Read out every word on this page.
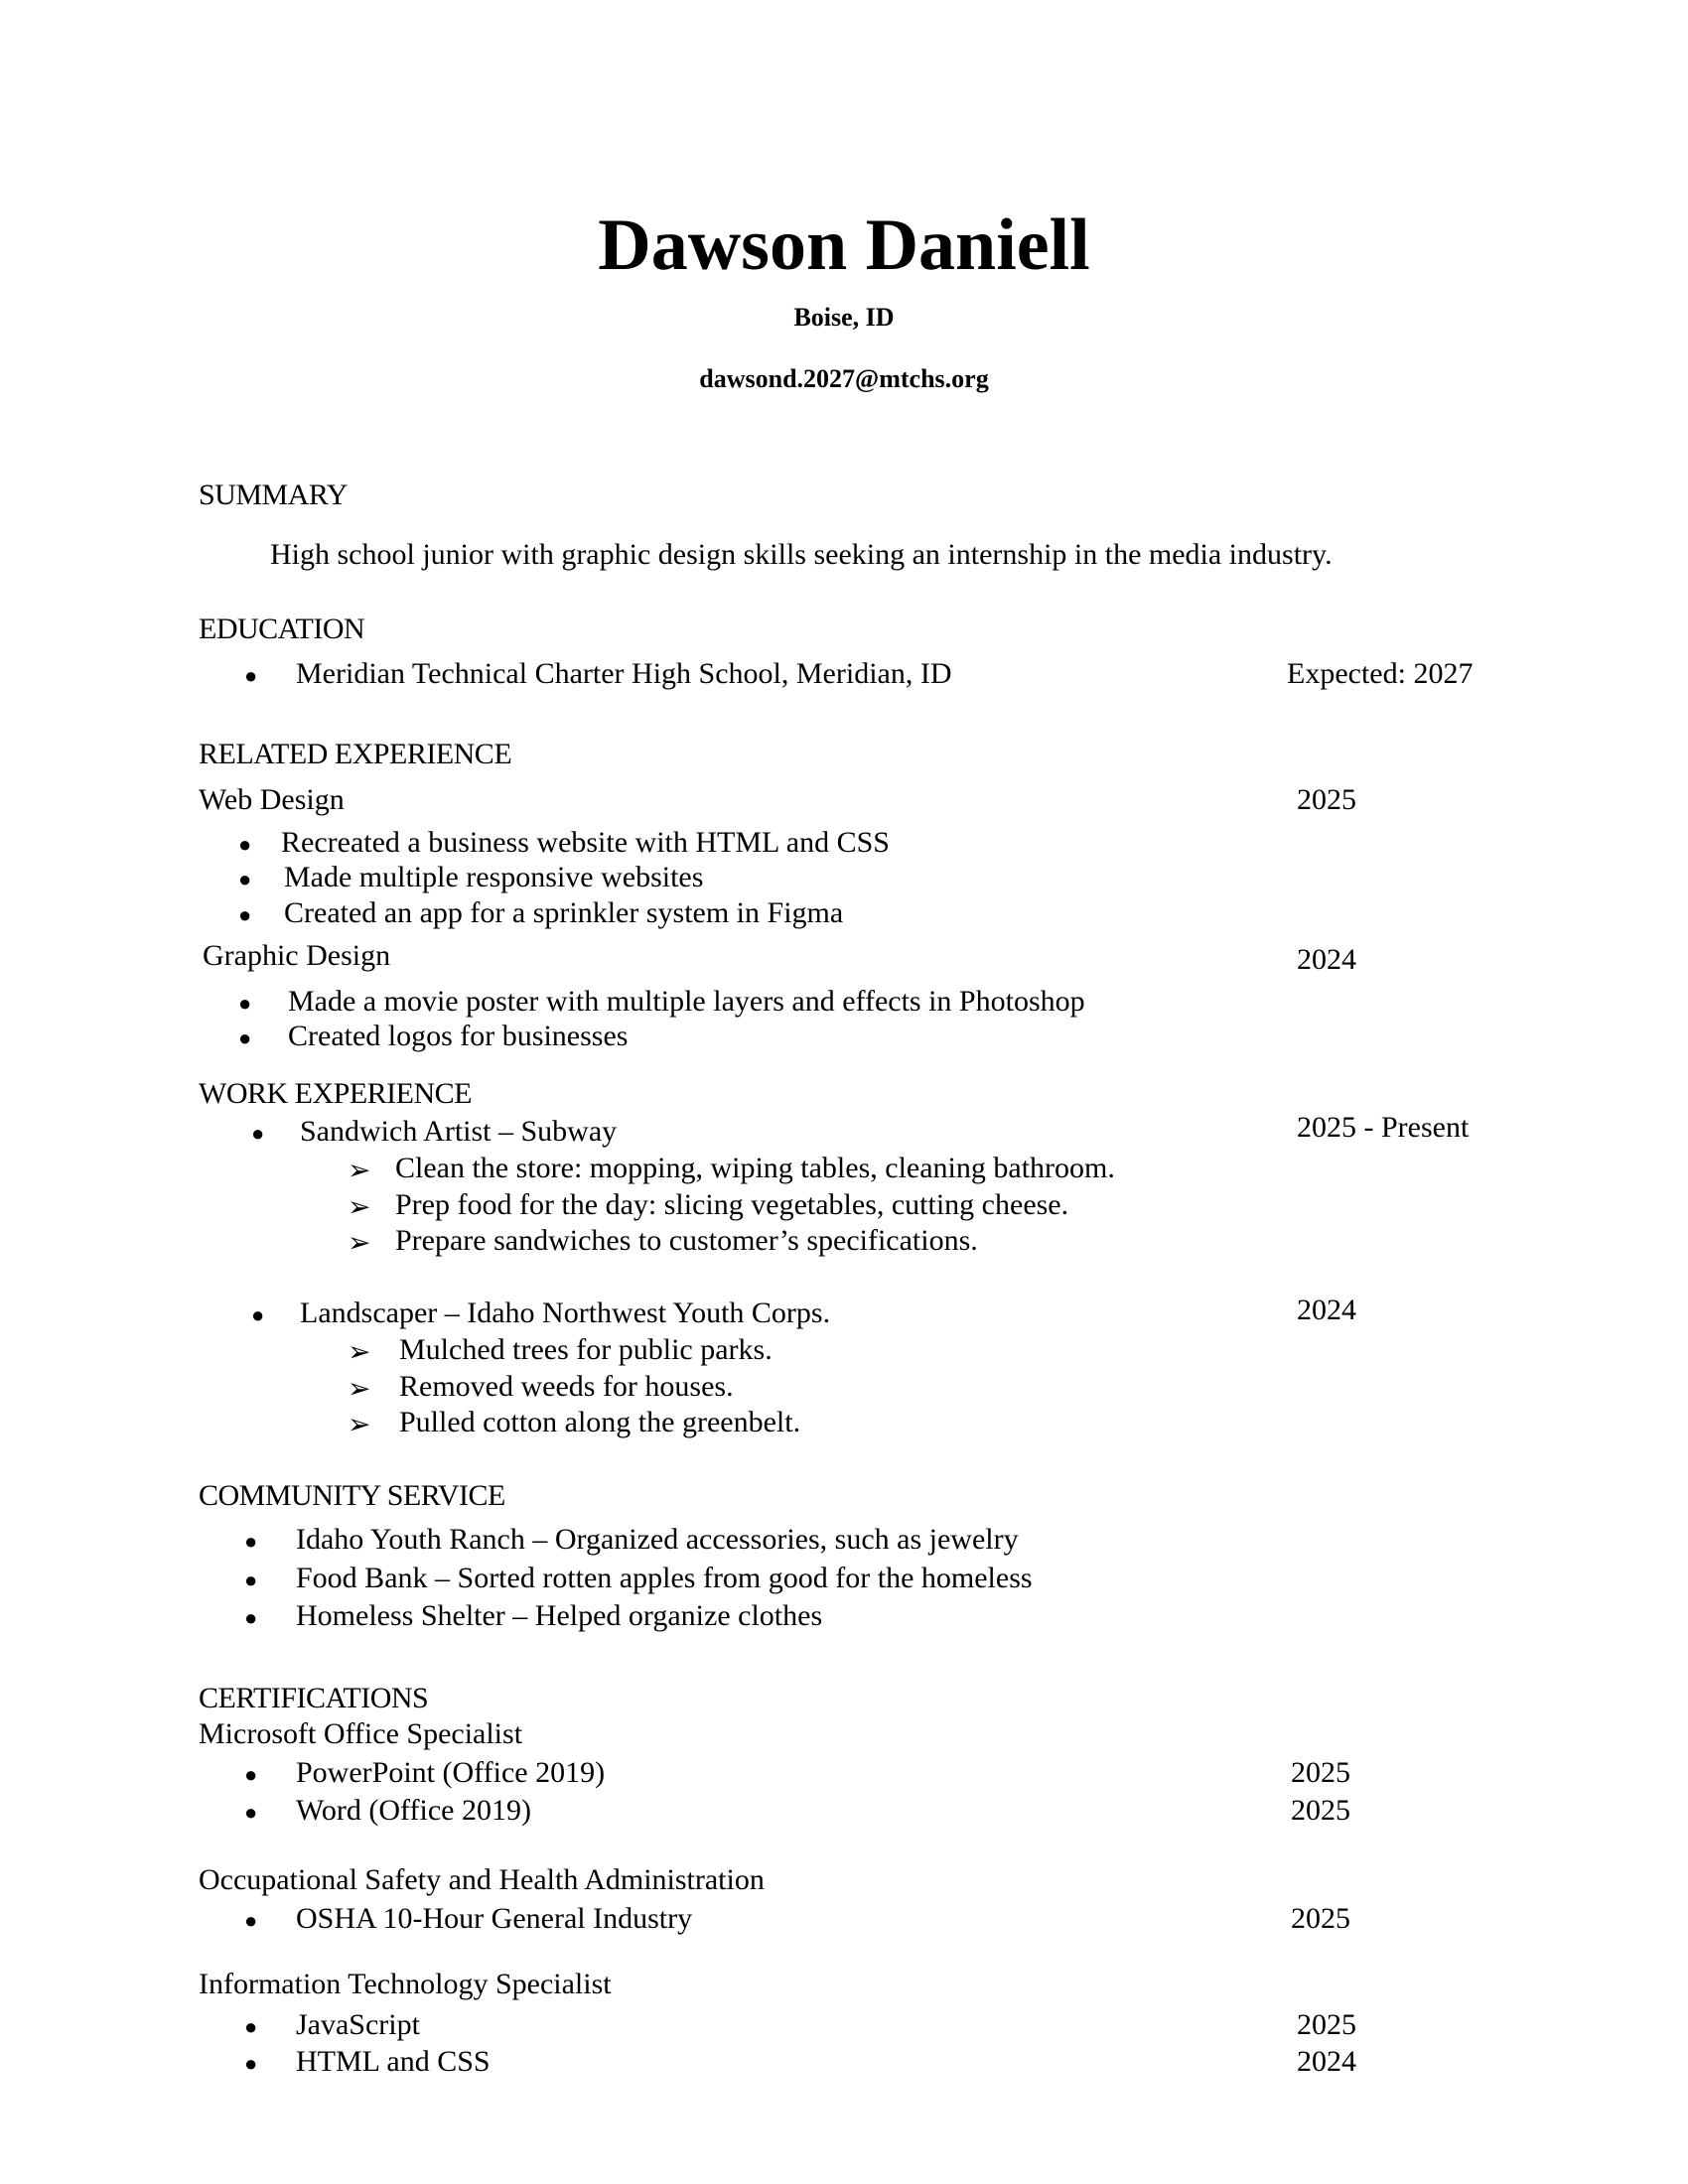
Dawson Daniell
Boise, ID
dawsond.2027@mtchs.org
SUMMARY
High school junior with graphic design skills seeking an internship in the media industry.
EDUCATION
● Meridian Technical Charter High School, Meridian, ID	Expected: 2027
RELATED EXPERIENCE
Web Design	2025
● Recreated a business website with HTML and CSS
● Made multiple responsive websites
● Created an app for a sprinkler system in Figma
Graphic Design	2024
● Made a movie poster with multiple layers and effects in Photoshop
● Created logos for businesses
WORK EXPERIENCE
● Sandwich Artist – Subway	2025 - Present
➢ Clean the store: mopping, wiping tables, cleaning bathroom.
➢ Prep food for the day: slicing vegetables, cutting cheese.
➢ Prepare sandwiches to customer’s specifications.
● Landscaper – Idaho Northwest Youth Corps.	2024
➢ Mulched trees for public parks.
➢ Removed weeds for houses.
➢ Pulled cotton along the greenbelt.
COMMUNITY SERVICE
● Idaho Youth Ranch – Organized accessories, such as jewelry
● Food Bank – Sorted rotten apples from good for the homeless
● Homeless Shelter – Helped organize clothes
CERTIFICATIONS
Microsoft Office Specialist
● PowerPoint (Office 2019)	2025
● Word (Office 2019)	2025
Occupational Safety and Health Administration
● OSHA 10-Hour General Industry	2025
Information Technology Specialist
● JavaScript	2025
● HTML and CSS	2024
